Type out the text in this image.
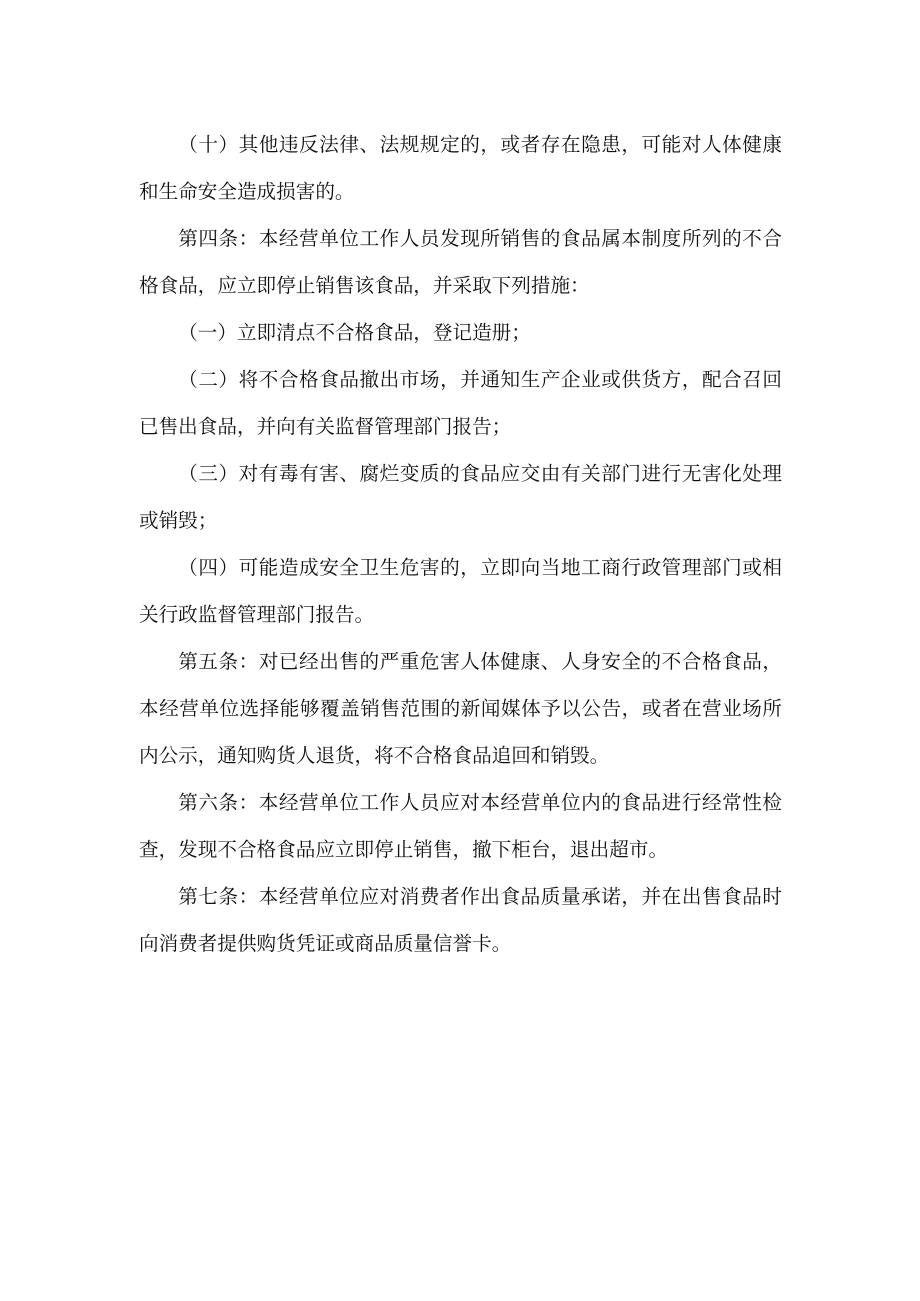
（十）其他违反法律、法规规定的，或者存在隐患，可能对人体健康和生命安全造成损害的。

第四条：本经营单位工作人员发现所销售的食品属本制度所列的不合格食品，应立即停止销售该食品，并采取下列措施：

（一）立即清点不合格食品，登记造册；

（二）将不合格食品撤出市场，并通知生产企业或供货方，配合召回已售出食品，并向有关监督管理部门报告；

（三）对有毒有害、腐烂变质的食品应交由有关部门进行无害化处理或销毁；

（四）可能造成安全卫生危害的，立即向当地工商行政管理部门或相关行政监督管理部门报告。

第五条：对已经出售的严重危害人体健康、人身安全的不合格食品，本经营单位选择能够覆盖销售范围的新闻媒体予以公告，或者在营业场所内公示，通知购货人退货，将不合格食品追回和销毁。

第六条：本经营单位工作人员应对本经营单位内的食品进行经常性检查，发现不合格食品应立即停止销售，撤下柜台，退出超市。

第七条：本经营单位应对消费者作出食品质量承诺，并在出售食品时向消费者提供购货凭证或商品质量信誉卡。
